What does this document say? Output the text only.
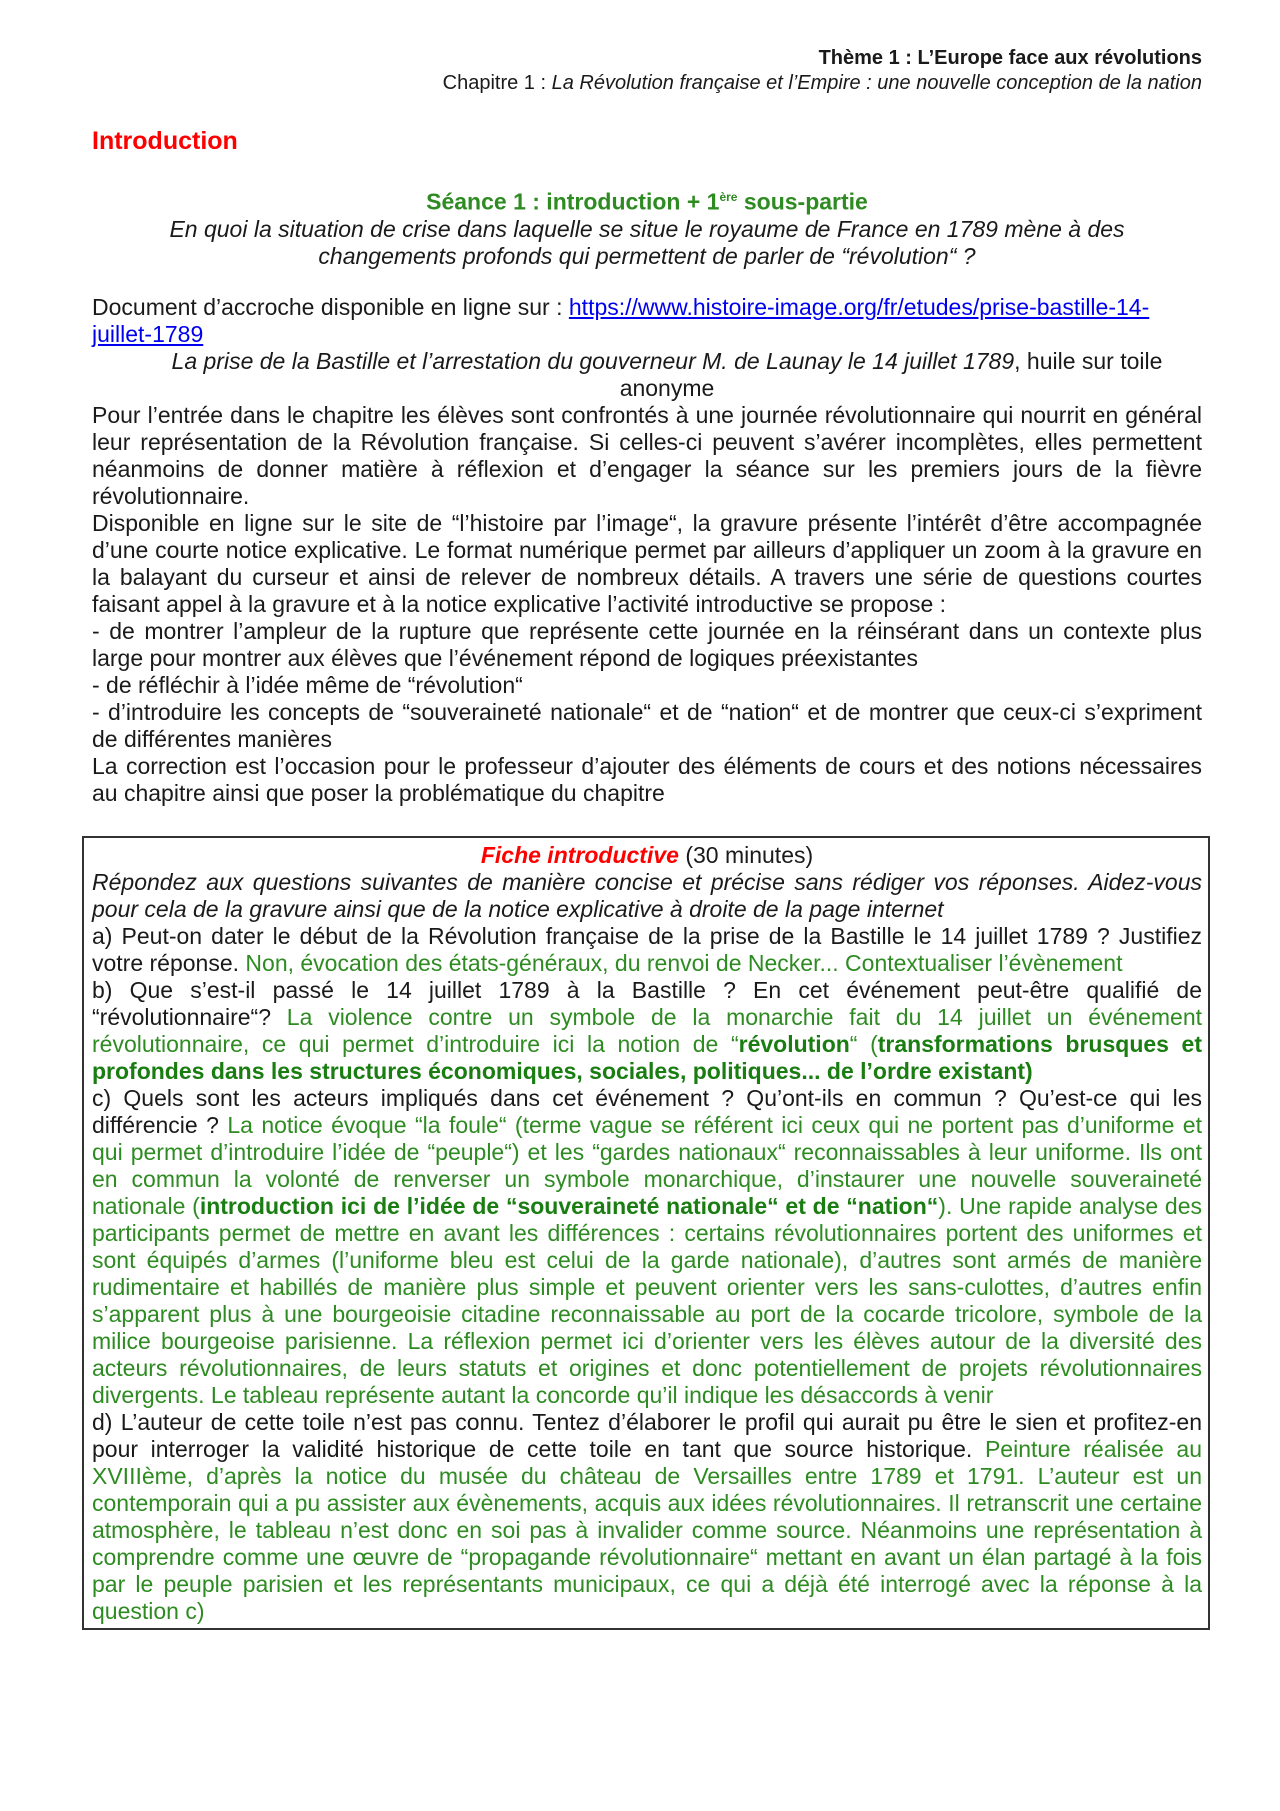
Thème 1 : L’Europe face aux révolutions
Chapitre 1 : La Révolution française et l’Empire : une nouvelle conception de la nation
Introduction
Séance 1 : introduction + 1ère sous-partie
En quoi la situation de crise dans laquelle se situe le royaume de France en 1789 mène à des changements profonds qui permettent de parler de “révolution“ ?

Document d’accroche disponible en ligne sur : https://www.histoire-image.org/fr/etudes/prise-bastille-14-juillet-1789

La prise de la Bastille et l’arrestation du gouverneur M. de Launay le 14 juillet 1789, huile sur toile anonyme

Pour l’entrée dans le chapitre les élèves sont confrontés à une journée révolutionnaire qui nourrit en général leur représentation de la Révolution française. Si celles-ci peuvent s’avérer incomplètes, elles permettent néanmoins de donner matière à réflexion et d’engager la séance sur les premiers jours de la fièvre révolutionnaire.

Disponible en ligne sur le site de “l’histoire par l’image“, la gravure présente l’intérêt d’être accompagnée d’une courte notice explicative. Le format numérique permet par ailleurs d’appliquer un zoom à la gravure en la balayant du curseur et ainsi de relever de nombreux détails. A travers une série de questions courtes faisant appel à la gravure et à la notice explicative l’activité introductive se propose :

- de montrer l’ampleur de la rupture que représente cette journée en la réinsérant dans un contexte plus large pour montrer aux élèves que l’événement répond de logiques préexistantes

- de réfléchir à l’idée même de “révolution“

- d’introduire les concepts de “souveraineté nationale“ et de “nation“ et de montrer que ceux-ci s’expriment de différentes manières

La correction est l’occasion pour le professeur d’ajouter des éléments de cours et des notions nécessaires au chapitre ainsi que poser la problématique du chapitre

Fiche introductive (30 minutes)

Répondez aux questions suivantes de manière concise et précise sans rédiger vos réponses. Aidez-vous pour cela de la gravure ainsi que de la notice explicative à droite de la page internet

a) Peut-on dater le début de la Révolution française de la prise de la Bastille le 14 juillet 1789 ? Justifiez votre réponse. Non, évocation des états-généraux, du renvoi de Necker... Contextualiser l’évènement

b) Que s’est-il passé le 14 juillet 1789 à la Bastille ? En cet événement peut-être qualifié de “révolutionnaire“? La violence contre un symbole de la monarchie fait du 14 juillet un événement révolutionnaire, ce qui permet d’introduire ici la notion de “révolution“ (transformations brusques et profondes dans les structures économiques, sociales, politiques... de l’ordre existant)

c) Quels sont les acteurs impliqués dans cet événement ? Qu’ont-ils en commun ? Qu’est-ce qui les différencie ? La notice évoque “la foule“ (terme vague se référent ici ceux qui ne portent pas d’uniforme et qui permet d’introduire l’idée de “peuple“) et les “gardes nationaux“ reconnaissables à leur uniforme. Ils ont en commun la volonté de renverser un symbole monarchique, d’instaurer une nouvelle souveraineté nationale (introduction ici de l’idée de “souveraineté nationale“ et de “nation“). Une rapide analyse des participants permet de mettre en avant les différences : certains révolutionnaires portent des uniformes et sont équipés d’armes (l’uniforme bleu est celui de la garde nationale), d’autres sont armés de manière rudimentaire et habillés de manière plus simple et peuvent orienter vers les sans-culottes, d’autres enfin s’apparent plus à une bourgeoisie citadine reconnaissable au port de la cocarde tricolore, symbole de la milice bourgeoise parisienne. La réflexion permet ici d’orienter vers les élèves autour de la diversité des acteurs révolutionnaires, de leurs statuts et origines et donc potentiellement de projets révolutionnaires divergents. Le tableau représente autant la concorde qu’il indique les désaccords à venir

d) L’auteur de cette toile n’est pas connu. Tentez d’élaborer le profil qui aurait pu être le sien et profitez-en pour interroger la validité historique de cette toile en tant que source historique. Peinture réalisée au XVIIIème, d’après la notice du musée du château de Versailles entre 1789 et 1791. L’auteur est un contemporain qui a pu assister aux évènements, acquis aux idées révolutionnaires. Il retranscrit une certaine atmosphère, le tableau n’est donc en soi pas à invalider comme source. Néanmoins une représentation à comprendre comme une œuvre de “propagande révolutionnaire“ mettant en avant un élan partagé à la fois par le peuple parisien et les représentants municipaux, ce qui a déjà été interrogé avec la réponse à la question c)
